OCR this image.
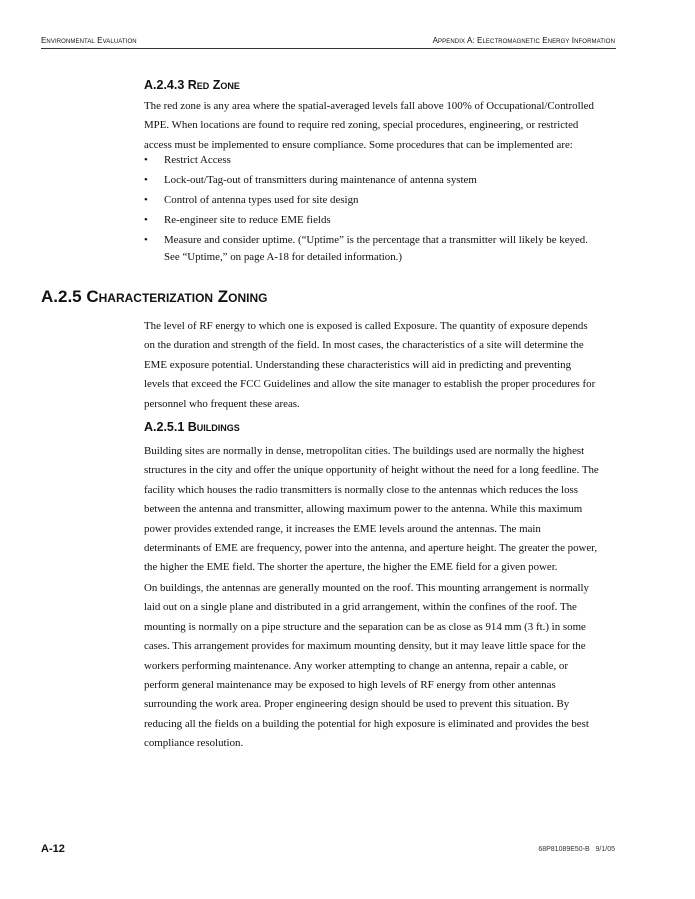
Environmental Evaluation	Appendix A: Electromagnetic Energy Information
A.2.4.3 Red Zone
The red zone is any area where the spatial-averaged levels fall above 100% of Occupational/Controlled
MPE. When locations are found to require red zoning, special procedures, engineering, or restricted
access must be implemented to ensure compliance. Some procedures that can be implemented are:
• Restrict Access
• Lock-out/Tag-out of transmitters during maintenance of antenna system
• Control of antenna types used for site design
• Re-engineer site to reduce EME fields
• Measure and consider uptime. (“Uptime” is the percentage that a transmitter will likely be keyed.
See “Uptime,” on page A-18 for detailed information.)
A.2.5 Characterization Zoning
The level of RF energy to which one is exposed is called Exposure. The quantity of exposure depends
on the duration and strength of the field. In most cases, the characteristics of a site will determine the
EME exposure potential. Understanding these characteristics will aid in predicting and preventing
levels that exceed the FCC Guidelines and allow the site manager to establish the proper procedures for
personnel who frequent these areas.
A.2.5.1 Buildings
Building sites are normally in dense, metropolitan cities. The buildings used are normally the highest
structures in the city and offer the unique opportunity of height without the need for a long feedline. The
facility which houses the radio transmitters is normally close to the antennas which reduces the loss
between the antenna and transmitter, allowing maximum power to the antenna. While this maximum
power provides extended range, it increases the EME levels around the antennas. The main
determinants of EME are frequency, power into the antenna, and aperture height. The greater the power,
the higher the EME field. The shorter the aperture, the higher the EME field for a given power.
On buildings, the antennas are generally mounted on the roof. This mounting arrangement is normally
laid out on a single plane and distributed in a grid arrangement, within the confines of the roof. The
mounting is normally on a pipe structure and the separation can be as close as 914 mm (3 ft.) in some
cases. This arrangement provides for maximum mounting density, but it may leave little space for the
workers performing maintenance. Any worker attempting to change an antenna, repair a cable, or
perform general maintenance may be exposed to high levels of RF energy from other antennas
surrounding the work area. Proper engineering design should be used to prevent this situation. By
reducing all the fields on a building the potential for high exposure is eliminated and provides the best
compliance resolution.
A-12	68P81089E50-B   9/1/05
